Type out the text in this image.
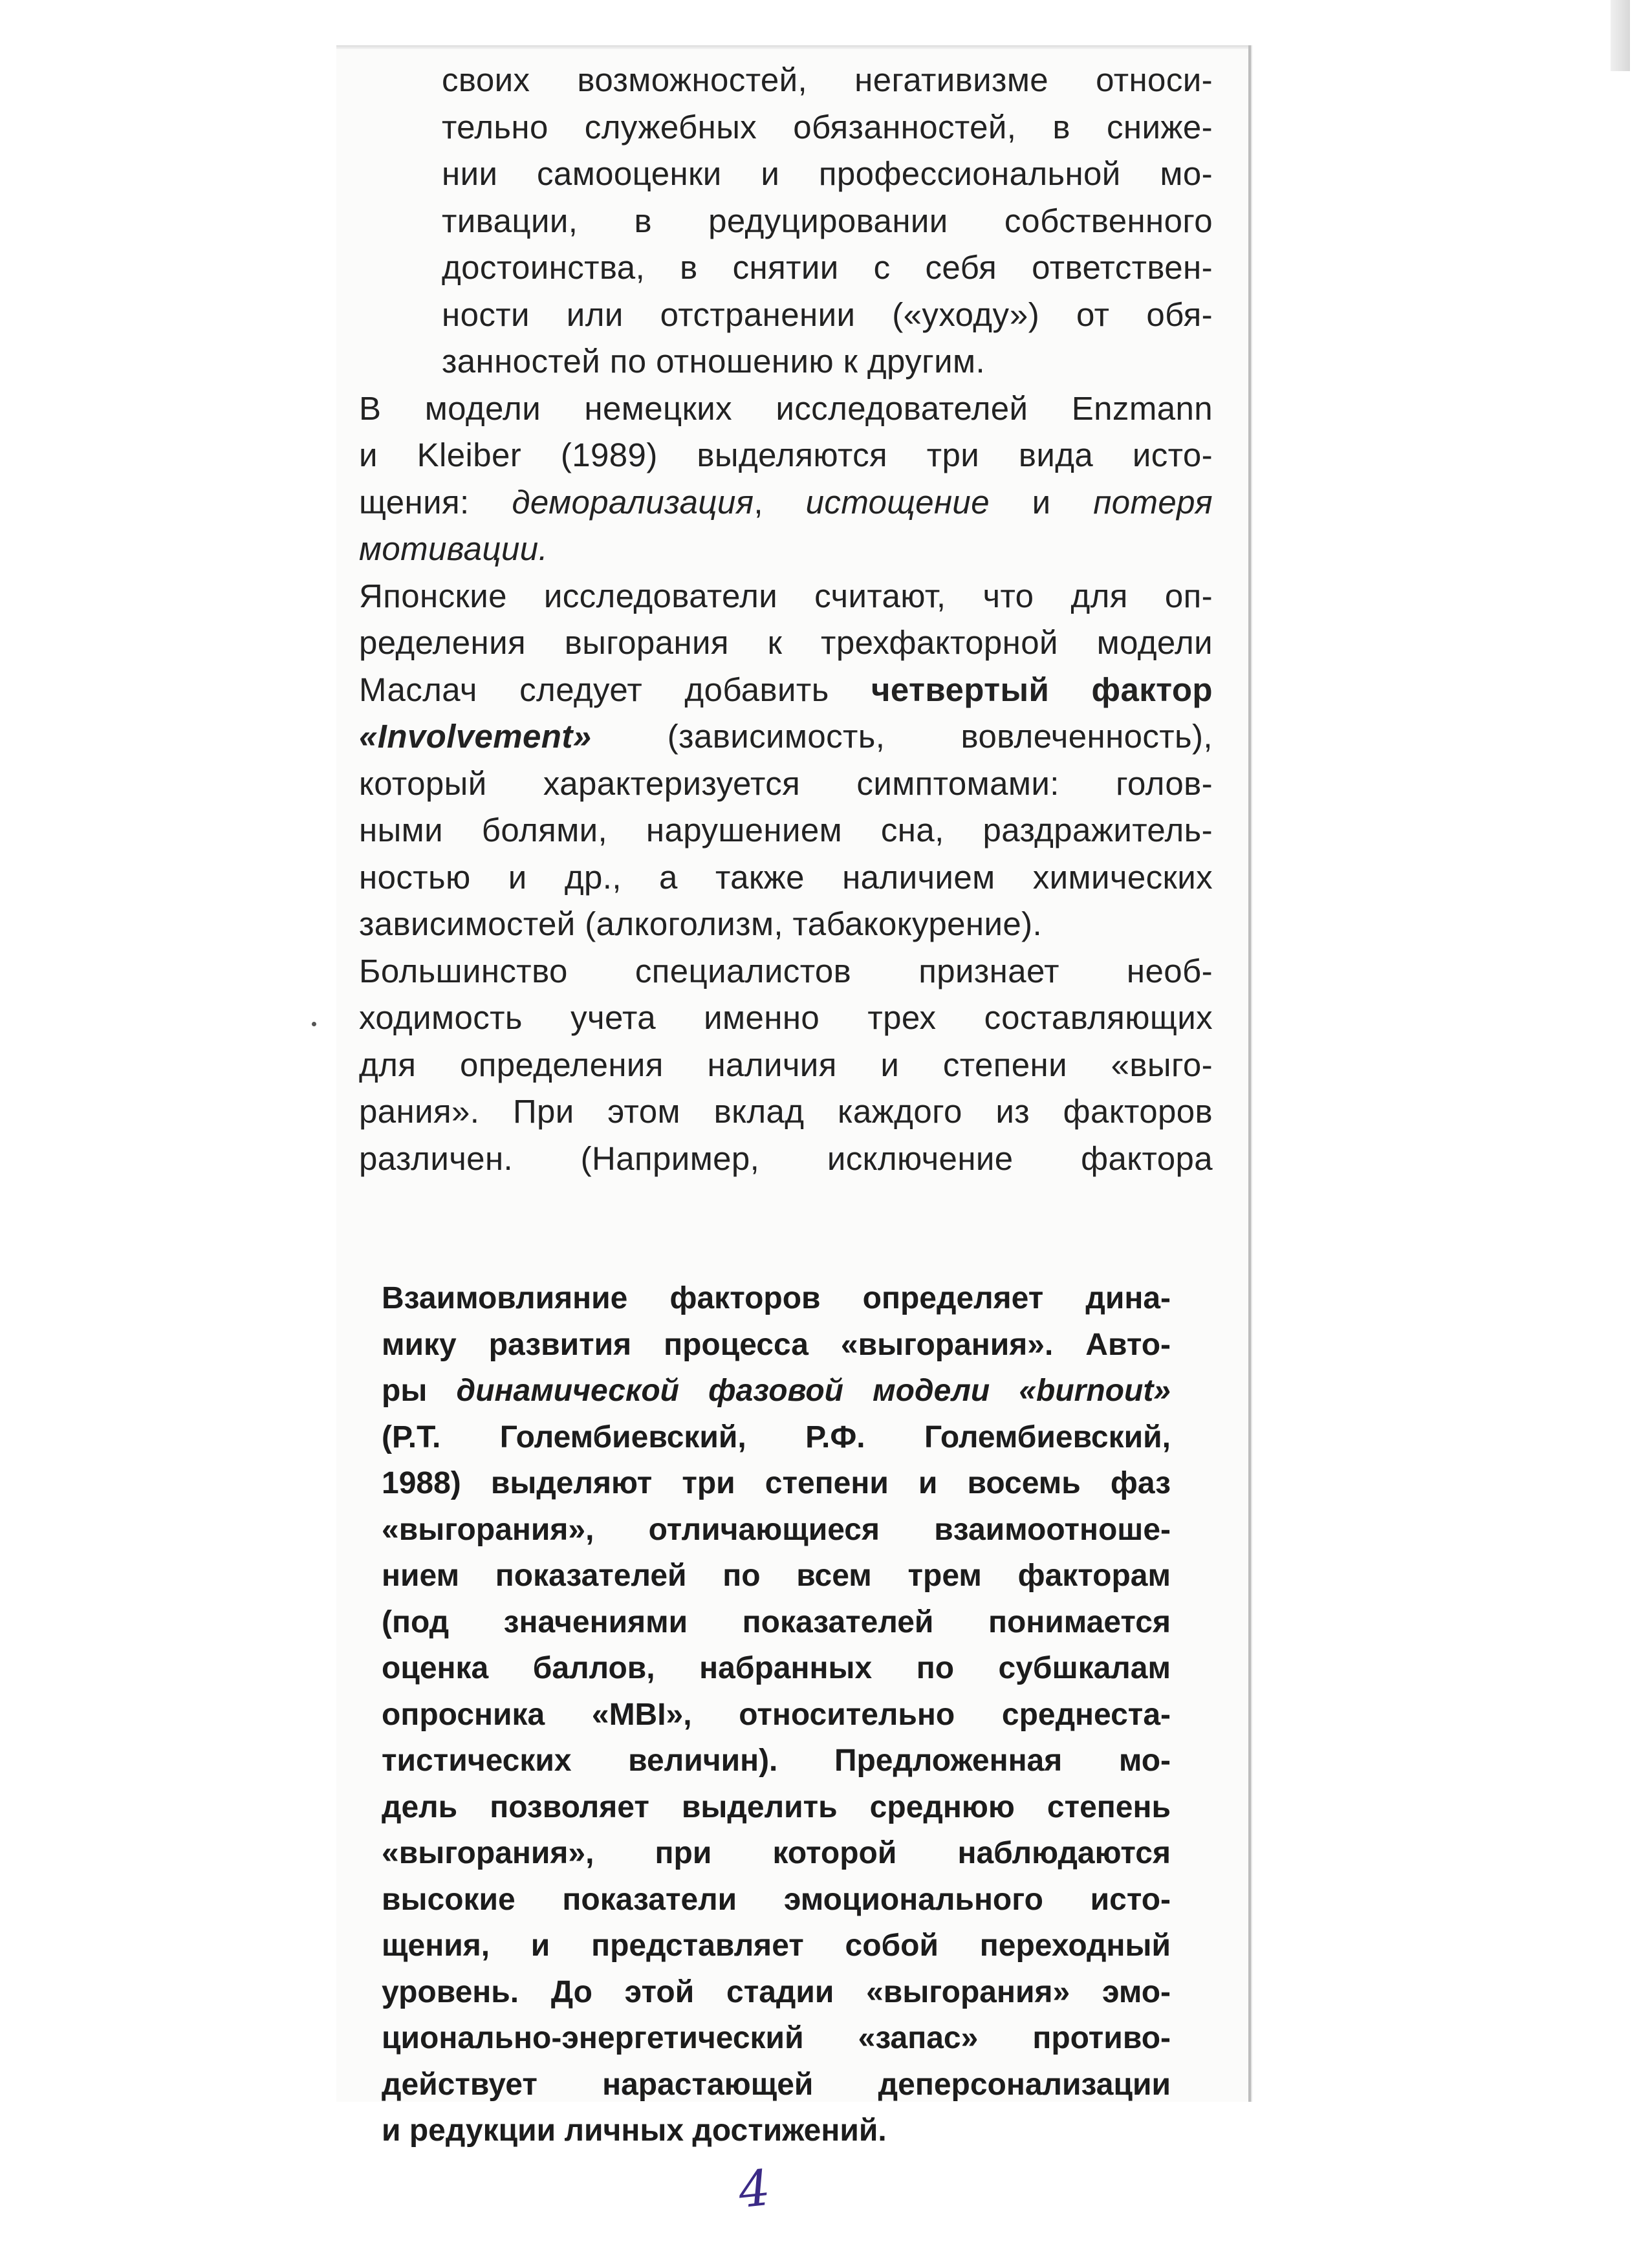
своих возможностей, негативизме относи-
тельно служебных обязанностей, в сниже-
нии самооценки и профессиональной мо-
тивации, в редуцировании собственного
достоинства, в снятии с себя ответствен-
ности или отстранении («уходу») от обя-
занностей по отношению к другим.

В модели немецких исследователей Enzmann
и Kleiber (1989) выделяются три вида исто-
щения: деморализация, истощение и потеря
мотивации.

Японские исследователи считают, что для оп-
ределения выгорания к трехфакторной модели
Маслач следует добавить четвертый фактор
«Involvement» (зависимость, вовлеченность),
который характеризуется симптомами: голов-
ными болями, нарушением сна, раздражитель-
ностью и др., а также наличием химических
зависимостей (алкоголизм, табакокурение).

Большинство специалистов признает необ-
ходимость учета именно трех составляющих
для определения наличия и степени «выго-
рания». При этом вклад каждого из факторов
различен. (Например, исключение фактора

Взаимовлияние факторов определяет дина-
мику развития процесса «выгорания». Авто-
ры динамической фазовой модели «burnout»
(Р.Т. Голембиевский, Р.Ф. Голембиевский,
1988) выделяют три степени и восемь фаз
«выгорания», отличающиеся взаимоотноше-
нием показателей по всем трем факторам
(под значениями показателей понимается
оценка баллов, набранных по субшкалам
опросника «MBI», относительно среднеста-
тистических величин). Предложенная мо-
дель позволяет выделить среднюю степень
«выгорания», при которой наблюдаются
высокие показатели эмоционального исто-
щения, и представляет собой переходный
уровень. До этой стадии «выгорания» эмо-
ционально-энергетический «запас» противо-
действует нарастающей деперсонализации
и редукции личных достижений.
4
